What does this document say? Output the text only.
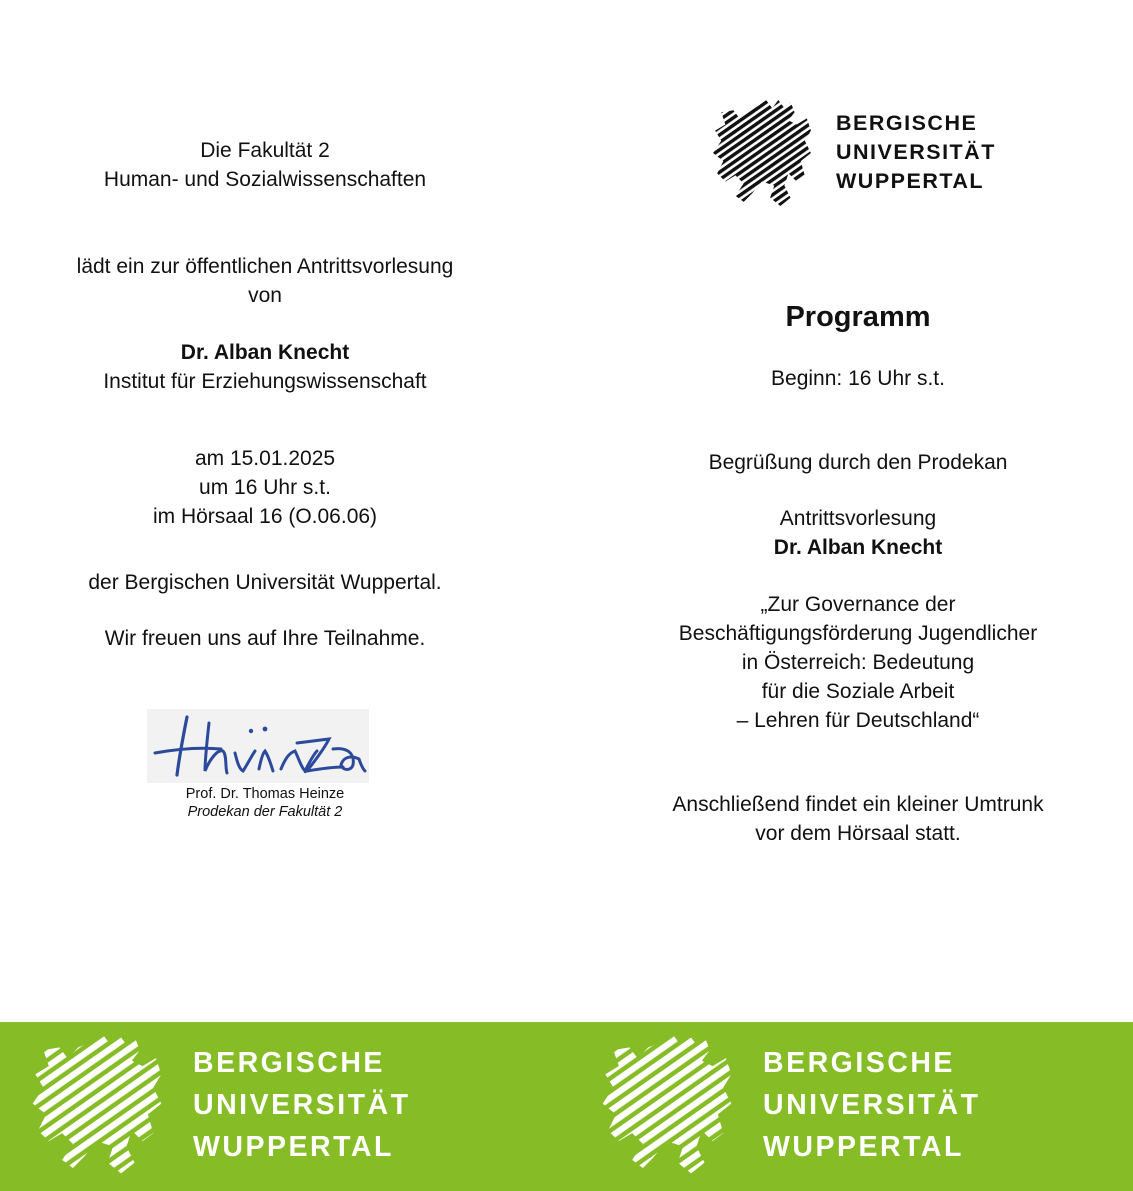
Die Fakultät 2
Human- und Sozialwissenschaften
lädt ein zur öffentlichen Antrittsvorlesung
von
Dr. Alban Knecht
Institut für Erziehungswissenschaft
am 15.01.2025
um 16 Uhr s.t.
im Hörsaal 16 (O.06.06)
der Bergischen Universität Wuppertal.
Wir freuen uns auf Ihre Teilnahme.
Prof. Dr. Thomas Heinze
Prodekan der Fakultät 2
BERGISCHE
UNIVERSITÄT
WUPPERTAL
Programm
Beginn: 16 Uhr s.t.
Begrüßung durch den Prodekan
Antrittsvorlesung
Dr. Alban Knecht
„Zur Governance der
Beschäftigungsförderung Jugendlicher
in Österreich: Bedeutung
für die Soziale Arbeit
– Lehren für Deutschland“
Anschließend findet ein kleiner Umtrunk
vor dem Hörsaal statt.
BERGISCHE
UNIVERSITÄT
WUPPERTAL
BERGISCHE
UNIVERSITÄT
WUPPERTAL
